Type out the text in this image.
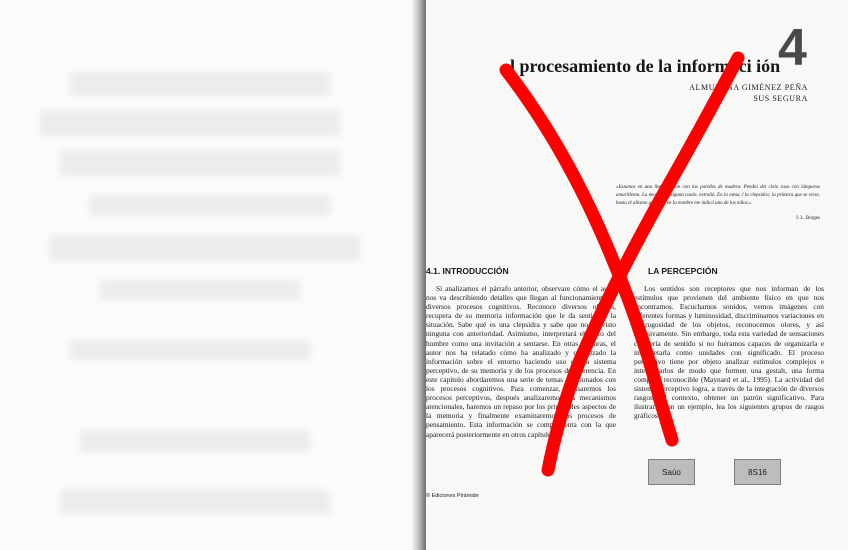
4
l procesamiento de la informaci ión
ALMUDENA GIMÉNEZ PEÑA
SUS SEGURA
«Estamos en una llegada ción con las paredes de madera. Pendía del cielo raso con lámparas amarillenta. La mesa, por alguna razón, extrañó. En la mesa, l la clepsidra; la primera que se viese, hasta el abismo grabado en la nombre me indicó uno de los niños.»
J. L. Borges
4.1. INTRODUCCIÓN	LA PERCEPCIÓN

Si analizamos el párrafo anterior, observare cómo el autor nos va describiendo detalles que llegan al funcionamiento de diversos procesos cognitivos. Reconoce diversos objetos, recupera de su memoria información que le da sentido a la situación. Sabe qué es una clepsidra y sabe que no ha visto ninguna con anterioridad. Asimismo, interpretará el gesto del hombre como una invitación a sentarse. En otras palabras, el autor nos ha relatado cómo ha analizado y organizado la información sobre el entorno haciendo uso de su sistema perceptivo, de su memoria y de los procesos de inferencia. En este capítulo abordaremos una serie de temas relacionados con los procesos cognitivos. Para comenzar, revisaremos los procesos perceptivos, después analizaremos los mecanismos atencionales, haremos un repaso por los principales aspectos de la memoria y finalmente examinaremos los procesos de pensamiento. Esta información se complementa con la que aparecerá posteriormente en otros capítulos.

Los sentidos son receptores que nos informan de los estímulos que provienen del ambiente físico en que nos encontramos. Escuchamos sonidos, vemos imágenes con diferentes formas y luminosidad, discriminamos variaciones en la rugosidad de los objetos, reconocemos olores, y así sucesivamente. Sin embargo, toda esta variedad de sensaciones carecería de sentido si no fuéramos capaces de organizarla e interpretarla como unidades con significado. El proceso perceptivo tiene por objeto analizar estímulos complejos e interpretarlos de modo que formen una gestalt, una forma completa reconocible (Maynard et al., 1995). La actividad del sistema perceptivo logra, a través de la integración de diversos rasgos del contexto, obtener un patrón significativo. Para ilustrarlo con un ejemplo, lea los siguientes grupos de rasgos gráficos:

Saúo	8S16
© Ediciones Pirámide
